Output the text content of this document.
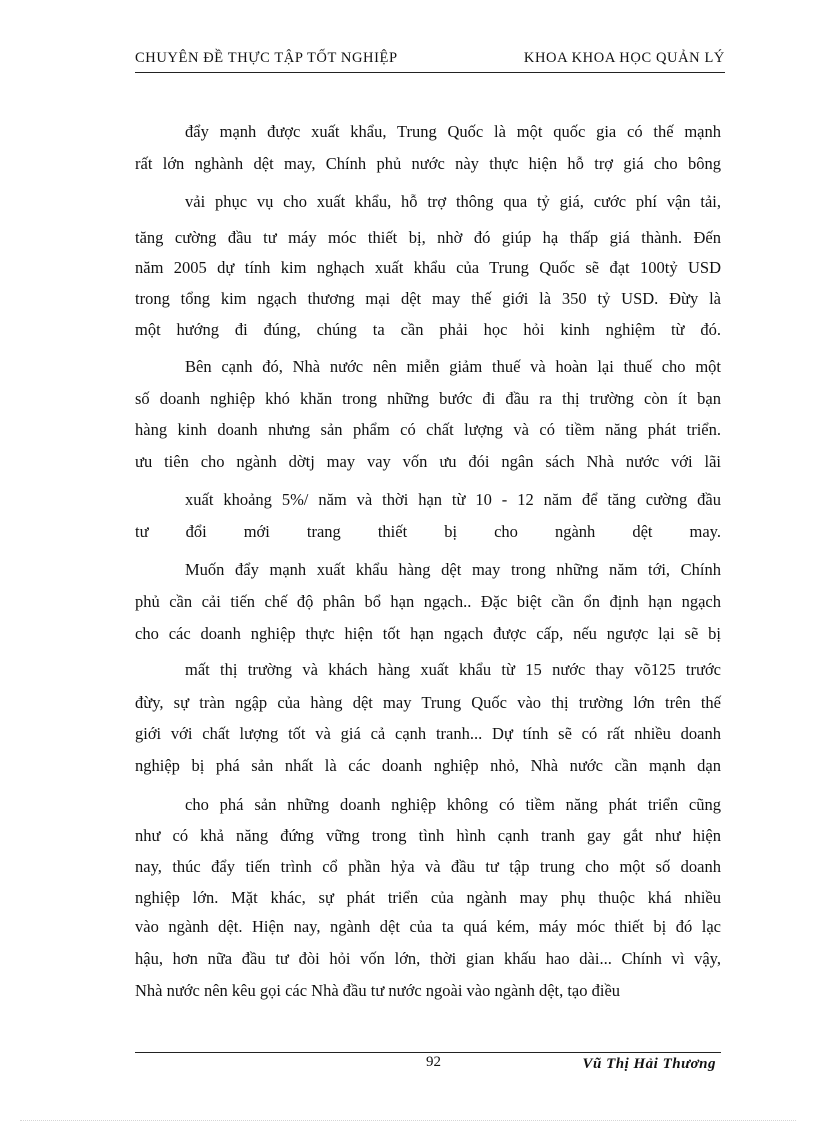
CHUYÊN ĐỀ THỰC TẬP TỐT NGHIỆP	KHOA KHOA HỌC QUẢN LÝ
đẩy mạnh được xuất khẩu, Trung Quốc là một quốc gia có thế mạnh
rất lớn nghành dệt may, Chính phủ nước này thực hiện hỗ trợ giá cho bông
vải phục vụ cho xuất khẩu, hỗ trợ thông qua tỷ giá, cước phí vận tải,
tăng cường đầu tư máy móc thiết bị, nhờ đó giúp hạ thấp giá thành. Đến
năm 2005 dự tính kim nghạch xuất khẩu của Trung Quốc sẽ đạt 100tỷ USD
trong tổng kim ngạch thương mại dệt may thế giới là 350 tỷ USD. Đừy là
một hướng đi đúng, chúng ta cần phải học hỏi kinh nghiệm từ đó.
Bên cạnh đó, Nhà nước nên miễn giảm thuế và hoàn lại thuế cho một
số doanh nghiệp khó khăn trong những bước đi đầu ra thị trường còn ít bạn
hàng kinh doanh nhưng sản phẩm có chất lượng và có tiềm năng phát triển.
ưu tiên cho ngành dờtj may vay vốn ưu đói ngân sách Nhà nước với lãi
xuất khoảng 5%/ năm và thời hạn từ 10 - 12 năm để tăng cường đầu
tư đổi mới trang thiết bị cho ngành dệt may.
Muốn đẩy mạnh xuất khẩu hàng dệt may trong những năm tới, Chính
phủ cần cải tiến chế độ phân bổ hạn ngạch.. Đặc biệt cần ổn định hạn ngạch
cho các doanh nghiệp thực hiện tốt hạn ngạch được cấp, nếu ngược lại sẽ bị
mất thị trường và khách hàng xuất khẩu từ 15 nước thay võ125 trước
đừy, sự tràn ngập của hàng dệt may Trung Quốc vào thị trường lớn trên thế
giới với chất lượng tốt và giá cả cạnh tranh... Dự tính sẽ có rất nhiều doanh
nghiệp bị phá sản nhất là các doanh nghiệp nhỏ, Nhà nước cần mạnh dạn
cho phá sản những doanh nghiệp không có tiềm năng phát triển cũng
như có khả năng đứng vững trong tình hình cạnh tranh gay gắt như hiện
nay, thúc đẩy tiến trình cổ phần hỷa và đầu tư tập trung cho một số doanh
nghiệp lớn. Mặt khác, sự phát triển của ngành may phụ thuộc khá nhiều
vào ngành dệt. Hiện nay, ngành dệt của ta quá kém, máy móc thiết bị đó lạc
hậu, hơn nữa đầu tư đòi hỏi vốn lớn, thời gian khấu hao dài... Chính vì vậy,
Nhà nước nên kêu gọi các Nhà đầu tư nước ngoài vào ngành dệt, tạo điều
92	Vũ Thị Hải Thương
